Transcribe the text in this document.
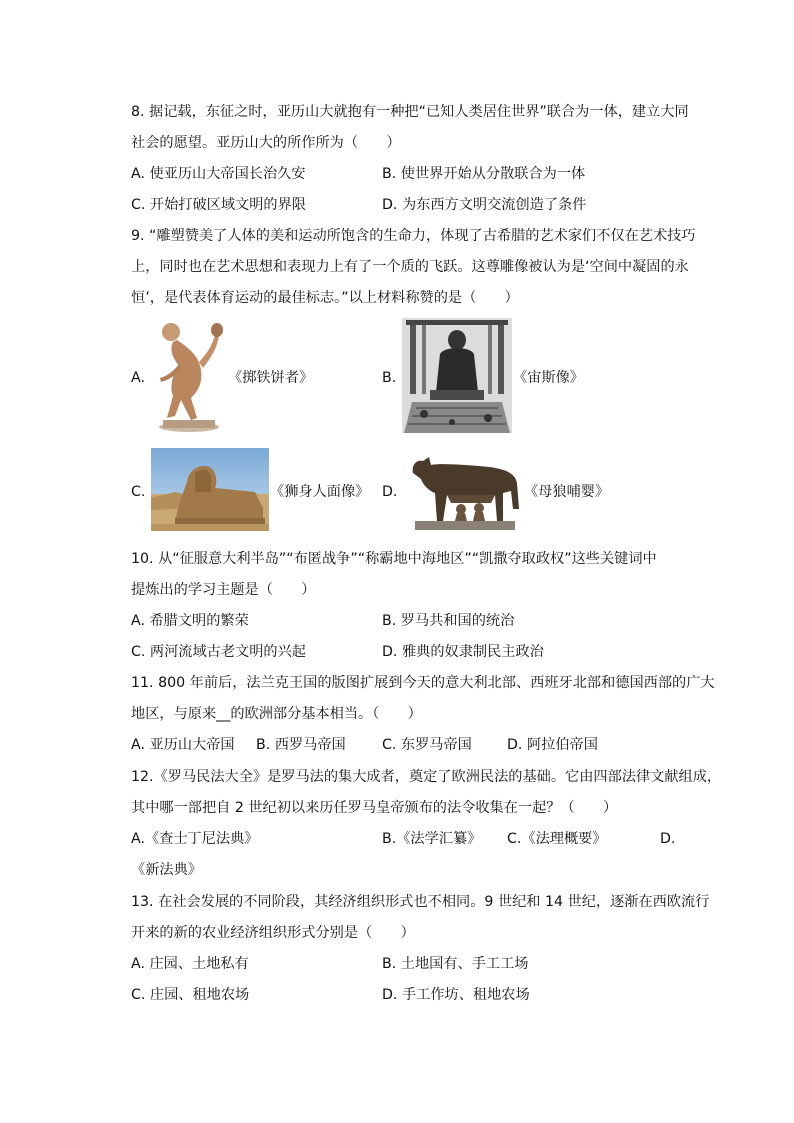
8. 据记载，东征之时，亚历山大就抱有一种把“已知人类居住世界”联合为一体，建立大同
社会的愿望。亚历山大的所作所为（　　）
A. 使亚历山大帝国长治久安	B. 使世界开始从分散联合为一体
C. 开始打破区域文明的界限	D. 为东西方文明交流创造了条件
9. “雕塑赞美了人体的美和运动所饱含的生命力，体现了古希腊的艺术家们不仅在艺术技巧
上，同时也在艺术思想和表现力上有了一个质的飞跃。这尊雕像被认为是‘空间中凝固的永
恒’，是代表体育运动的最佳标志。”以上材料称赞的是（　　）
A.	《掷铁饼者》	B.	《宙斯像》
C.	《狮身人面像》 D.	《母狼哺婴》
10. 从“征服意大利半岛”“布匿战争”“称霸地中海地区”“凯撒夺取政权”这些关键词中
提炼出的学习主题是（　　）
A. 希腊文明的繁荣	B. 罗马共和国的统治
C. 两河流域古老文明的兴起	D. 雅典的奴隶制民主政治
11. 800 年前后，法兰克王国的版图扩展到今天的意大利北部、西班牙北部和德国西部的广大
地区，与原来__的欧洲部分基本相当。（　　）
A. 亚历山大帝国 B. 西罗马帝国	C. 东罗马帝国 D. 阿拉伯帝国
12.《罗马民法大全》是罗马法的集大成者，奠定了欧洲民法的基础。它由四部法律文献组成，
其中哪一部把自 2 世纪初以来历任罗马皇帝颁布的法令收集在一起？（　　）
A.《查士丁尼法典》	B.《法学汇纂》 C.《法理概要》	D.
《新法典》
13. 在社会发展的不同阶段，其经济组织形式也不相同。9 世纪和 14 世纪，逐渐在西欧流行
开来的新的农业经济组织形式分别是（　　）
A. 庄园、土地私有	B. 土地国有、手工工场
C. 庄园、租地农场	D. 手工作坊、租地农场
